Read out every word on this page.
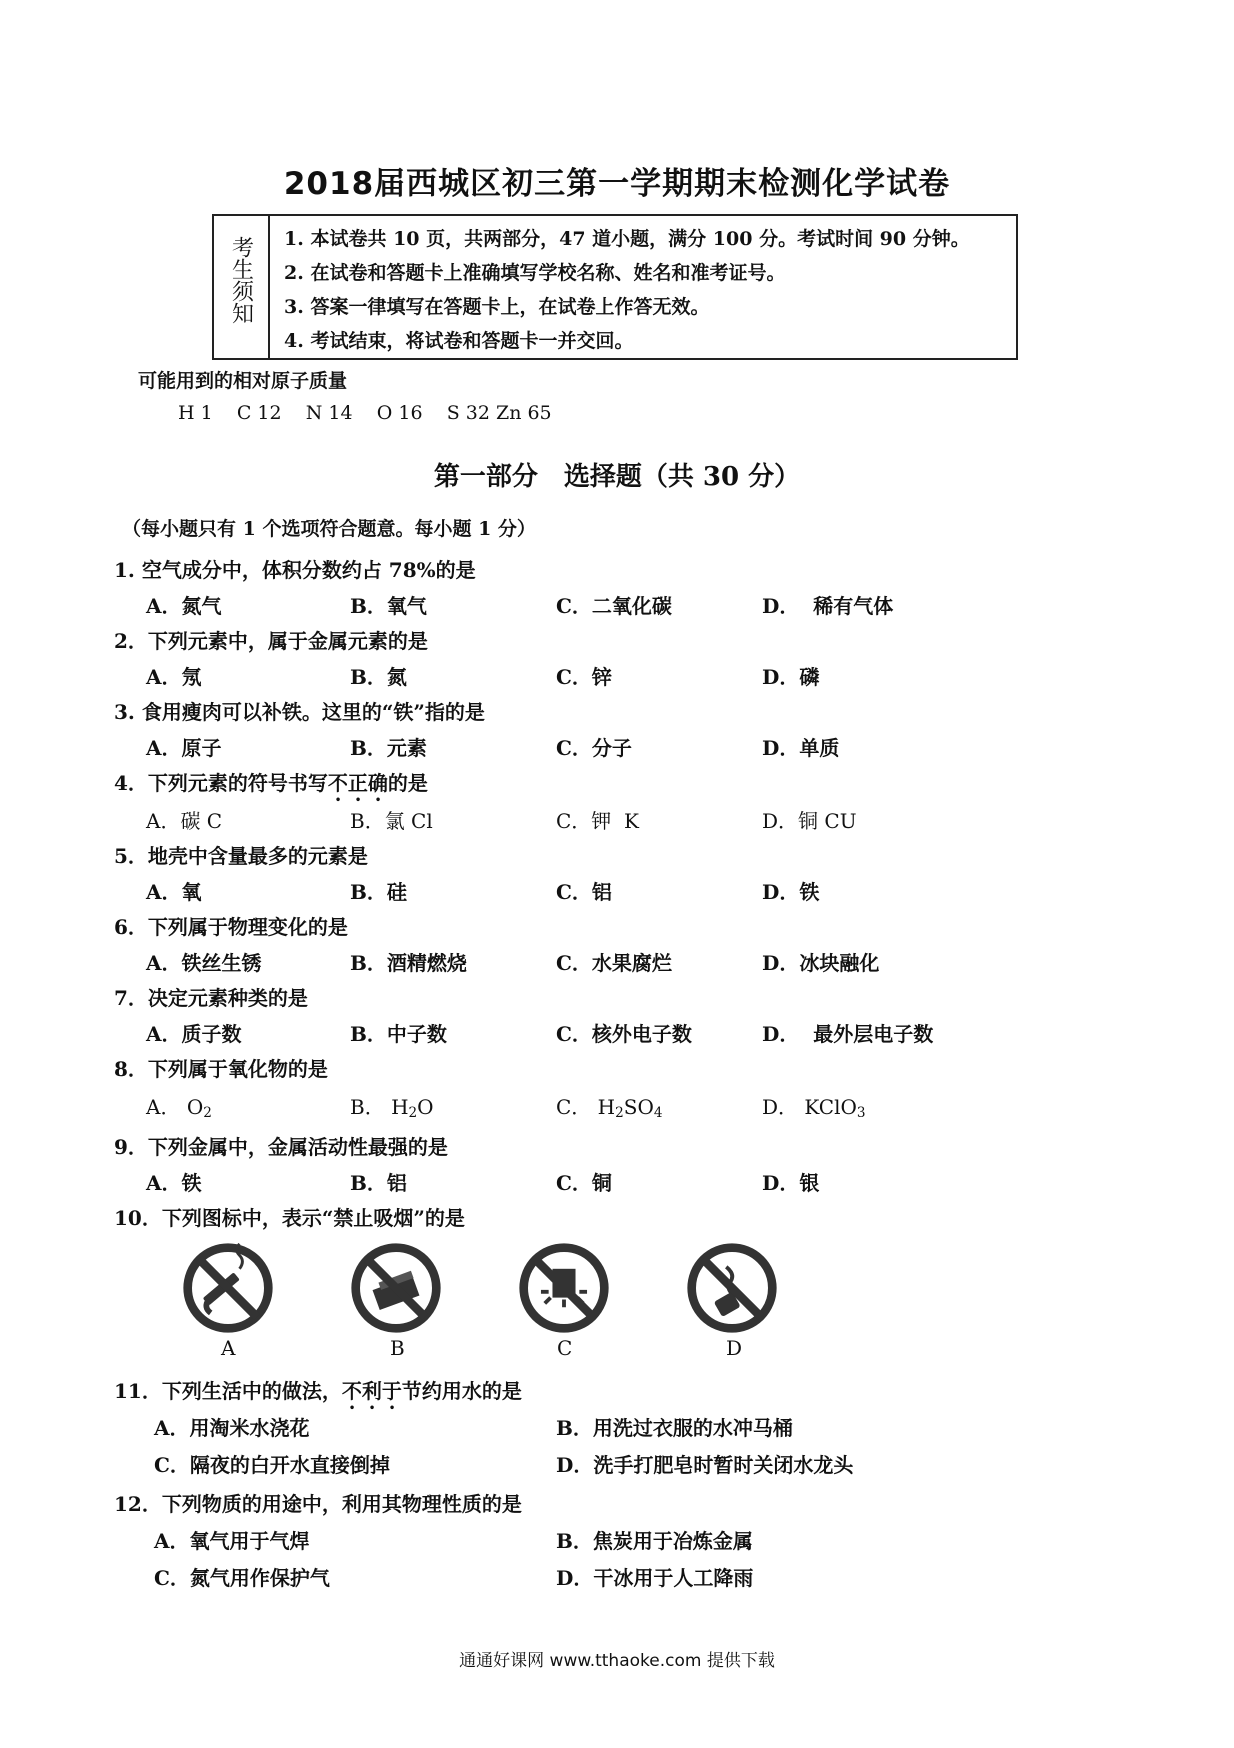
2018届西城区初三第一学期期末检测化学试卷
考生须知 1. 本试卷共 10 页，共两部分，47 道小题，满分 100 分。考试时间 90 分钟。
2. 在试卷和答题卡上准确填写学校名称、姓名和准考证号。
3. 答案一律填写在答题卡上，在试卷上作答无效。
4. 考试结束，将试卷和答题卡一并交回。
可能用到的相对原子质量
H 1    C 12    N 14    O 16    S 32 Zn 65
第一部分　选择题（共 30 分）
（每小题只有 1 个选项符合题意。每小题 1 分）
1. 空气成分中，体积分数约占 78%的是
A．氮气	B．氧气	C．二氧化碳	D．  稀有气体
2．下列元素中，属于金属元素的是
A．氖	B．氮	C．锌	D．磷
3. 食用瘦肉可以补铁。这里的“铁”指的是
A．原子	B．元素	C．分子	D．单质
4．下列元素的符号书写不正确的是
A．碳 C	B．氯 Cl	C．钾  K	D．铜 CU
5．地壳中含量最多的元素是
A．氧	B．硅	C．铝	D．铁
6．下列属于物理变化的是
A．铁丝生锈	B．酒精燃烧	C．水果腐烂	D．冰块融化
7．决定元素种类的是
A．质子数	B．中子数	C．核外电子数	D．  最外层电子数
8．下列属于氧化物的是
A． $O_2$	B． $H_2O$	C． $H_2SO_4$	D． KClO$_3$
9．下列金属中，金属活动性最强的是
A．铁	B．铝	C．铜	D．银
10．下列图标中，表示“禁止吸烟”的是
A	B	C	D
11．下列生活中的做法，不利于节约用水的是
A．用淘米水浇花	B．用洗过衣服的水冲马桶
C．隔夜的白开水直接倒掉	D．洗手打肥皂时暂时关闭水龙头
12．下列物质的用途中，利用其物理性质的是
A．氧气用于气焊	B．焦炭用于冶炼金属
C．氮气用作保护气	D．干冰用于人工降雨
通通好课网 www.tthaoke.com 提供下载
